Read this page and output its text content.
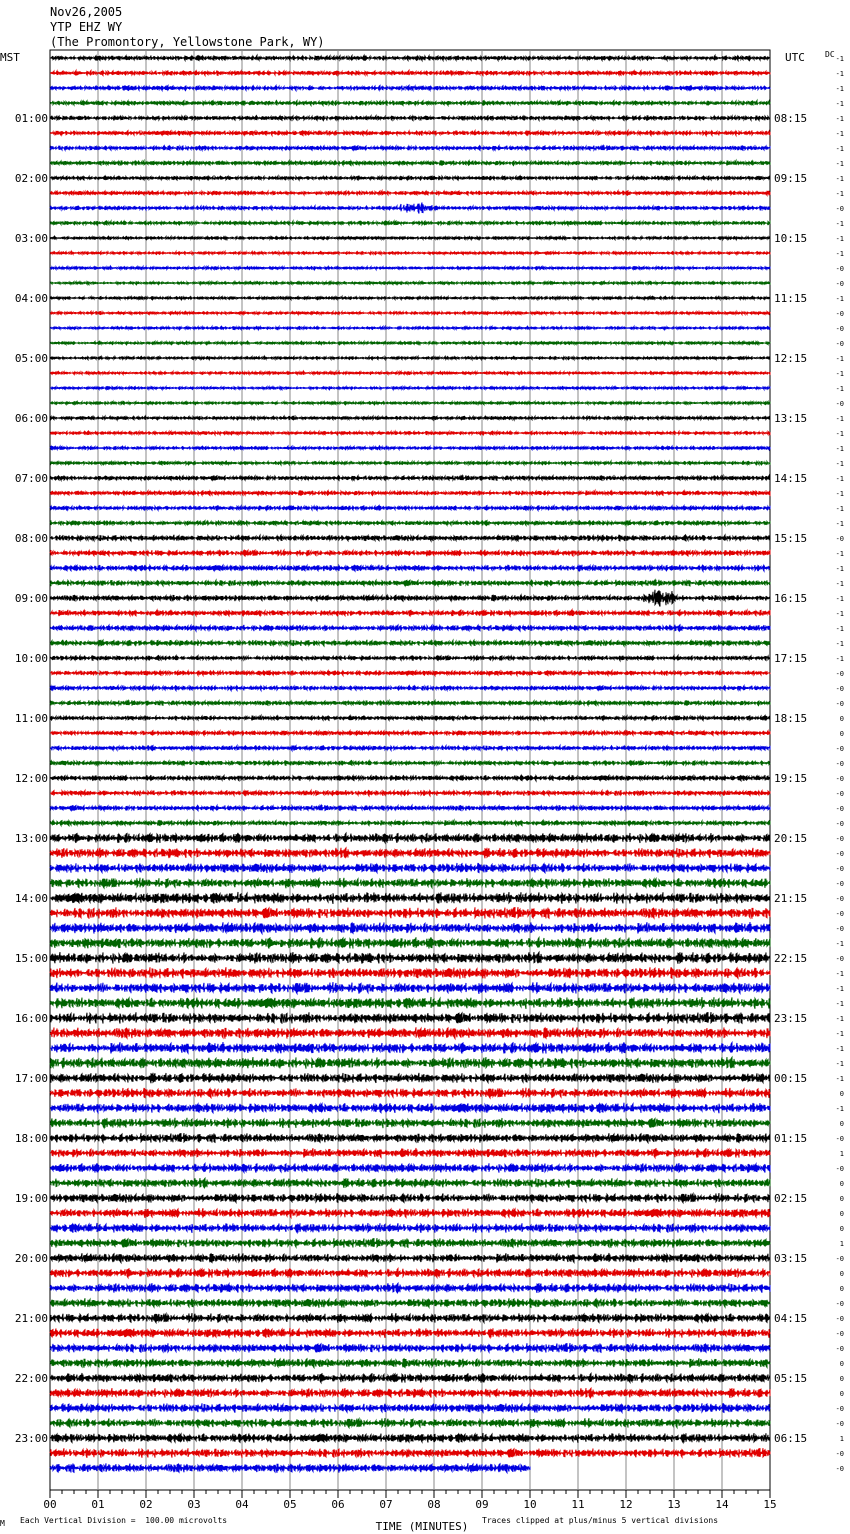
Nov26,2005
YTP EHZ WY
(The Promontory, Yellowstone Park, WY)
-1
-1
-1
-1
-1
-1
-1
-1
-1
-1
-0
-1
-1
-1
-0
-0
-1
-0
-0
-0
-1
-1
-1
-0
-1
-1
-1
-1
-1
-1
-1
-1
-0
-1
-1
-1
-1
-1
-1
-1
-1
-0
-0
-0
0
0
-0
-0
-0
-0
-0
-0
-0
-0
-0
-0
-0
-0
-0
-1
-0
-1
-1
-1
-1
-1
-1
-1
-1
0
-1
0
-0
1
-0
0
0
0
0
1
-0
0
0
-0
-0
-0
-0
0
0
0
-0
-0
1
-0
-0
DC
MST	UTC
01:00
02:00
03:00
04:00
05:00
06:00
07:00
08:00
09:00
10:00
11:00
12:00
13:00
14:00
15:00
16:00
17:00
18:00
19:00
20:00
21:00
22:00
23:00
08:15
09:15
10:15
11:15
12:15
13:15
14:15
15:15
16:15
17:15
18:15
19:15
20:15
21:15
22:15
23:15
00:15
01:15
02:15
03:15
04:15
05:15
06:15
00	01	02	03	04	05	06	07	08	09	10	11	12	13	14	15
TIME (MINUTES)
M Each Vertical Division =  100.00 microvolts	Traces clipped at plus/minus 5 vertical divisions
